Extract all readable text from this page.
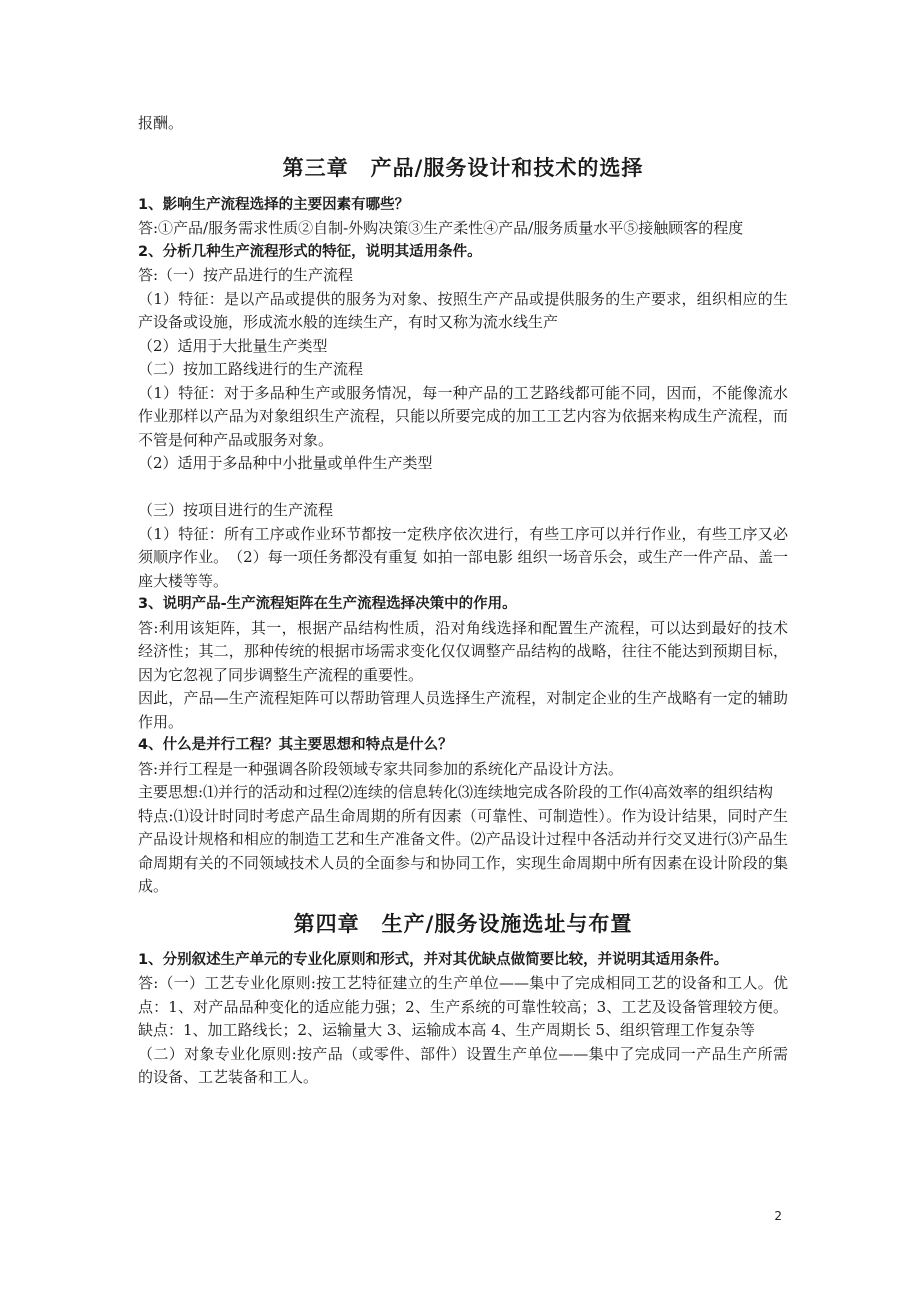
报酬。

第三章　产品/服务设计和技术的选择

1、影响生产流程选择的主要因素有哪些？

答:①产品/服务需求性质②自制-外购决策③生产柔性④产品/服务质量水平⑤接触顾客的程度

2、分析几种生产流程形式的特征，说明其适用条件。

答:（一）按产品进行的生产流程

（1）特征：是以产品或提供的服务为对象、按照生产产品或提供服务的生产要求，组织相应的生产设备或设施，形成流水般的连续生产，有时又称为流水线生产

（2）适用于大批量生产类型

（二）按加工路线进行的生产流程

（1）特征：对于多品种生产或服务情况，每一种产品的工艺路线都可能不同，因而，不能像流水作业那样以产品为对象组织生产流程，只能以所要完成的加工工艺内容为依据来构成生产流程，而不管是何种产品或服务对象。

（2）适用于多品种中小批量或单件生产类型

（三）按项目进行的生产流程

（1）特征：所有工序或作业环节都按一定秩序依次进行，有些工序可以并行作业，有些工序又必须顺序作业。　（2）每一项任务都没有重复 如拍一部电影 组织一场音乐会，或生产一件产品、盖一座大楼等等。

3、说明产品-生产流程矩阵在生产流程选择决策中的作用。

答:利用该矩阵，其一，根据产品结构性质，沿对角线选择和配置生产流程，可以达到最好的技术经济性；其二，那种传统的根据市场需求变化仅仅调整产品结构的战略，往往不能达到预期目标，因为它忽视了同步调整生产流程的重要性。

因此，产品—生产流程矩阵可以帮助管理人员选择生产流程，对制定企业的生产战略有一定的辅助作用。

4、什么是并行工程？其主要思想和特点是什么？

答:并行工程是一种强调各阶段领域专家共同参加的系统化产品设计方法。

主要思想:⑴并行的活动和过程⑵连续的信息转化⑶连续地完成各阶段的工作⑷高效率的组织结构

特点:⑴设计时同时考虑产品生命周期的所有因素（可靠性、可制造性）。作为设计结果，同时产生产品设计规格和相应的制造工艺和生产准备文件。⑵产品设计过程中各活动并行交叉进行⑶产品生命周期有关的不同领域技术人员的全面参与和协同工作，实现生命周期中所有因素在设计阶段的集成。

第四章　生产/服务设施选址与布置

1、分别叙述生产单元的专业化原则和形式，并对其优缺点做简要比较，并说明其适用条件。

答:（一）工艺专业化原则:按工艺特征建立的生产单位——集中了完成相同工艺的设备和工人。优点：1、对产品品种变化的适应能力强；2、生产系统的可靠性较高；3、工艺及设备管理较方便。缺点：1、加工路线长；2、运输量大 3、运输成本高 4、生产周期长 5、组织管理工作复杂等

（二）对象专业化原则:按产品（或零件、部件）设置生产单位——集中了完成同一产品生产所需的设备、工艺装备和工人。

2
